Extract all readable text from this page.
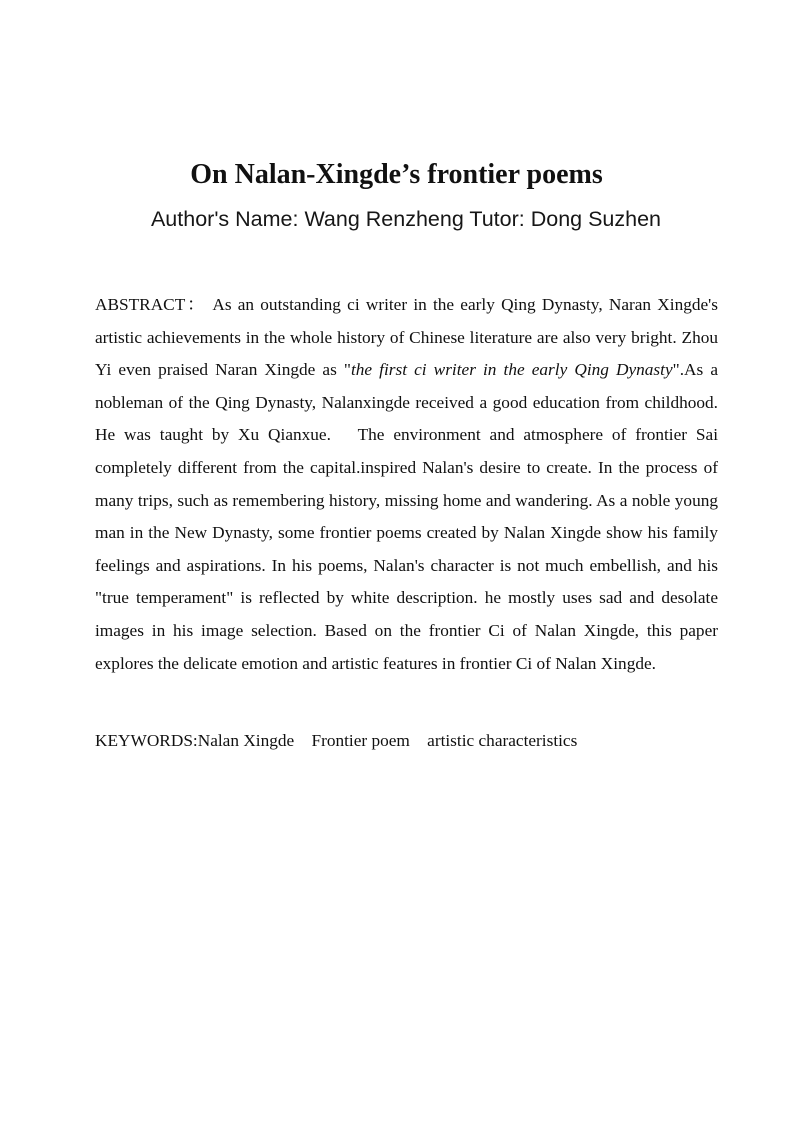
On Nalan-Xingde’s frontier poems

Author's Name: Wang Renzheng Tutor: Dong Suzhen

ABSTRACT： As an outstanding ci writer in the early Qing Dynasty, Naran Xingde's artistic achievements in the whole history of Chinese literature are also very bright. Zhou Yi even praised Naran Xingde as "the first ci writer in the early Qing Dynasty".As a nobleman of the Qing Dynasty, Nalanxingde received a good education from childhood. He was taught by Xu Qianxue.   The environment and atmosphere of frontier Sai completely different from the capital.inspired Nalan's desire to create. In the process of many trips, such as remembering history, missing home and wandering. As a noble young man in the New Dynasty, some frontier poems created by Nalan Xingde show his family feelings and aspirations. In his poems, Nalan's character is not much embellish, and his "true temperament" is reflected by white description. he mostly uses sad and desolate images in his image selection. Based on the frontier Ci of Nalan Xingde, this paper explores the delicate emotion and artistic features in frontier Ci of Nalan Xingde.

KEYWORDS:Nalan Xingde Frontier poem artistic characteristics
